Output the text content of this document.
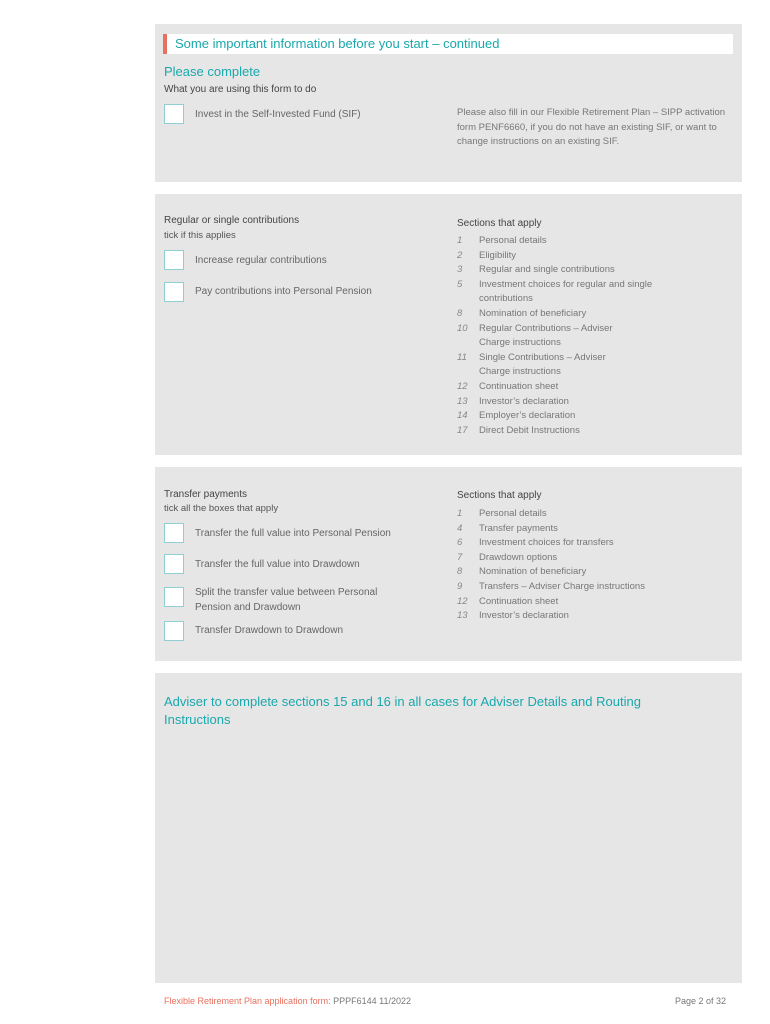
Some important information before you start – continued
Please complete
What you are using this form to do
Invest in the Self-Invested Fund (SIF)	Please also fill in our Flexible Retirement Plan – SIPP activation form PENF6660, if you do not have an existing SIF, or want to change instructions on an existing SIF.
Regular or single contributions
tick if this applies
Increase regular contributions
Pay contributions into Personal Pension
Sections that apply
1	Personal details
2	Eligibility
3	Regular and single contributions
5	Investment choices for regular and single contributions
8	Nomination of beneficiary
10	Regular Contributions – Adviser Charge instructions
11	Single Contributions – Adviser Charge instructions
12	Continuation sheet
13	Investor’s declaration
14	Employer’s declaration
17	Direct Debit Instructions
Transfer payments
tick all the boxes that apply
Transfer the full value into Personal Pension
Transfer the full value into Drawdown
Split the transfer value between Personal Pension and Drawdown
Transfer Drawdown to Drawdown
Sections that apply
1	Personal details
4	Transfer payments
6	Investment choices for transfers
7	Drawdown options
8	Nomination of beneficiary
9	Transfers – Adviser Charge instructions
12	Continuation sheet
13	Investor’s declaration
Adviser to complete sections 15 and 16 in all cases for Adviser Details and Routing Instructions
Flexible Retirement Plan application form: PPPF6144 11/2022	Page 2 of 32
